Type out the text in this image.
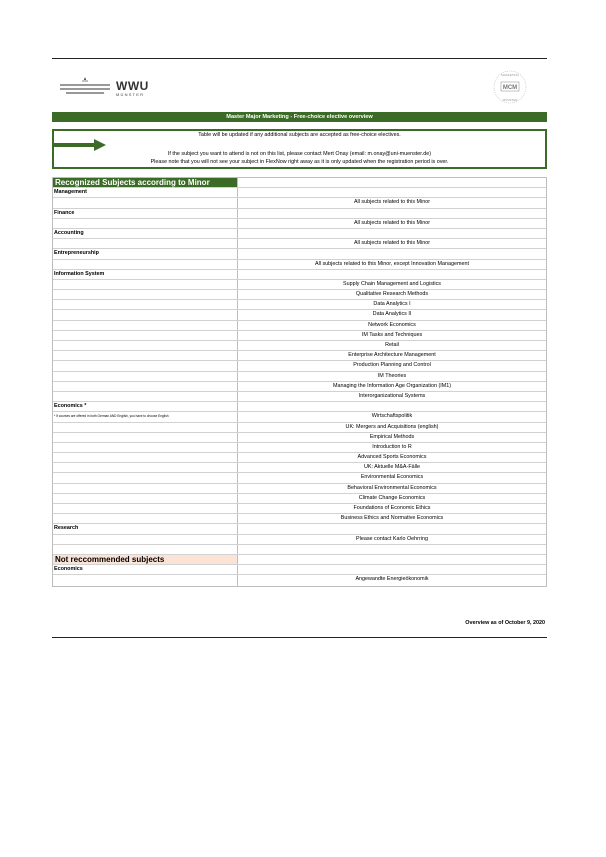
WWU
MÜNSTER
MCM
MARKETING
MÜNSTER
Master Major Marketing - Free-choice elective overview
Table will be updated if any additional subjects are accepted as free-choice electives.
If the subject you want to attend is not on this list, please contact Mert Onay (email: m.onay@uni-muenster.de)
Please note that you will not see your subject in FlexNow right away as it is only updated when the registration period is over.
Recognized Subjects according to Minor
Management
All subjects related to this Minor
Finance
All subjects related to this Minor
Accounting
All subjects related to this Minor
Entrepreneurship
All subjects related to this Minor, except Innovation Management
Information System
Supply Chain Management and Logistics
Qualitative Research Methods
Data Analytics I
Data Analytics II
Network Economics
IM Tasks and Techniques
Retail
Enterprise Architecture Management
Production Planning and Control
IM Theories
Managing the Information Age Organization (IM1)
Interorganizational Systems
Economics *
* If courses are offered in both German AND English, you have to choose English	Wirtschaftspolitik
UK: Mergers and Acquisitions (english)
Empirical Methods
Introduction to R
Advanced Sports Economics
UK: Aktuelle M&A-Fälle
Environmental Economics
Behavioral Environmental Economics
Climate Change Economics
Foundations of Economic Ethics
Business Ethics and Normative Economics
Research
Please contact Karlo Oehrring
Not reccommended subjects
Economics
Angewandte Energieökonomik
Overview as of October 9, 2020
